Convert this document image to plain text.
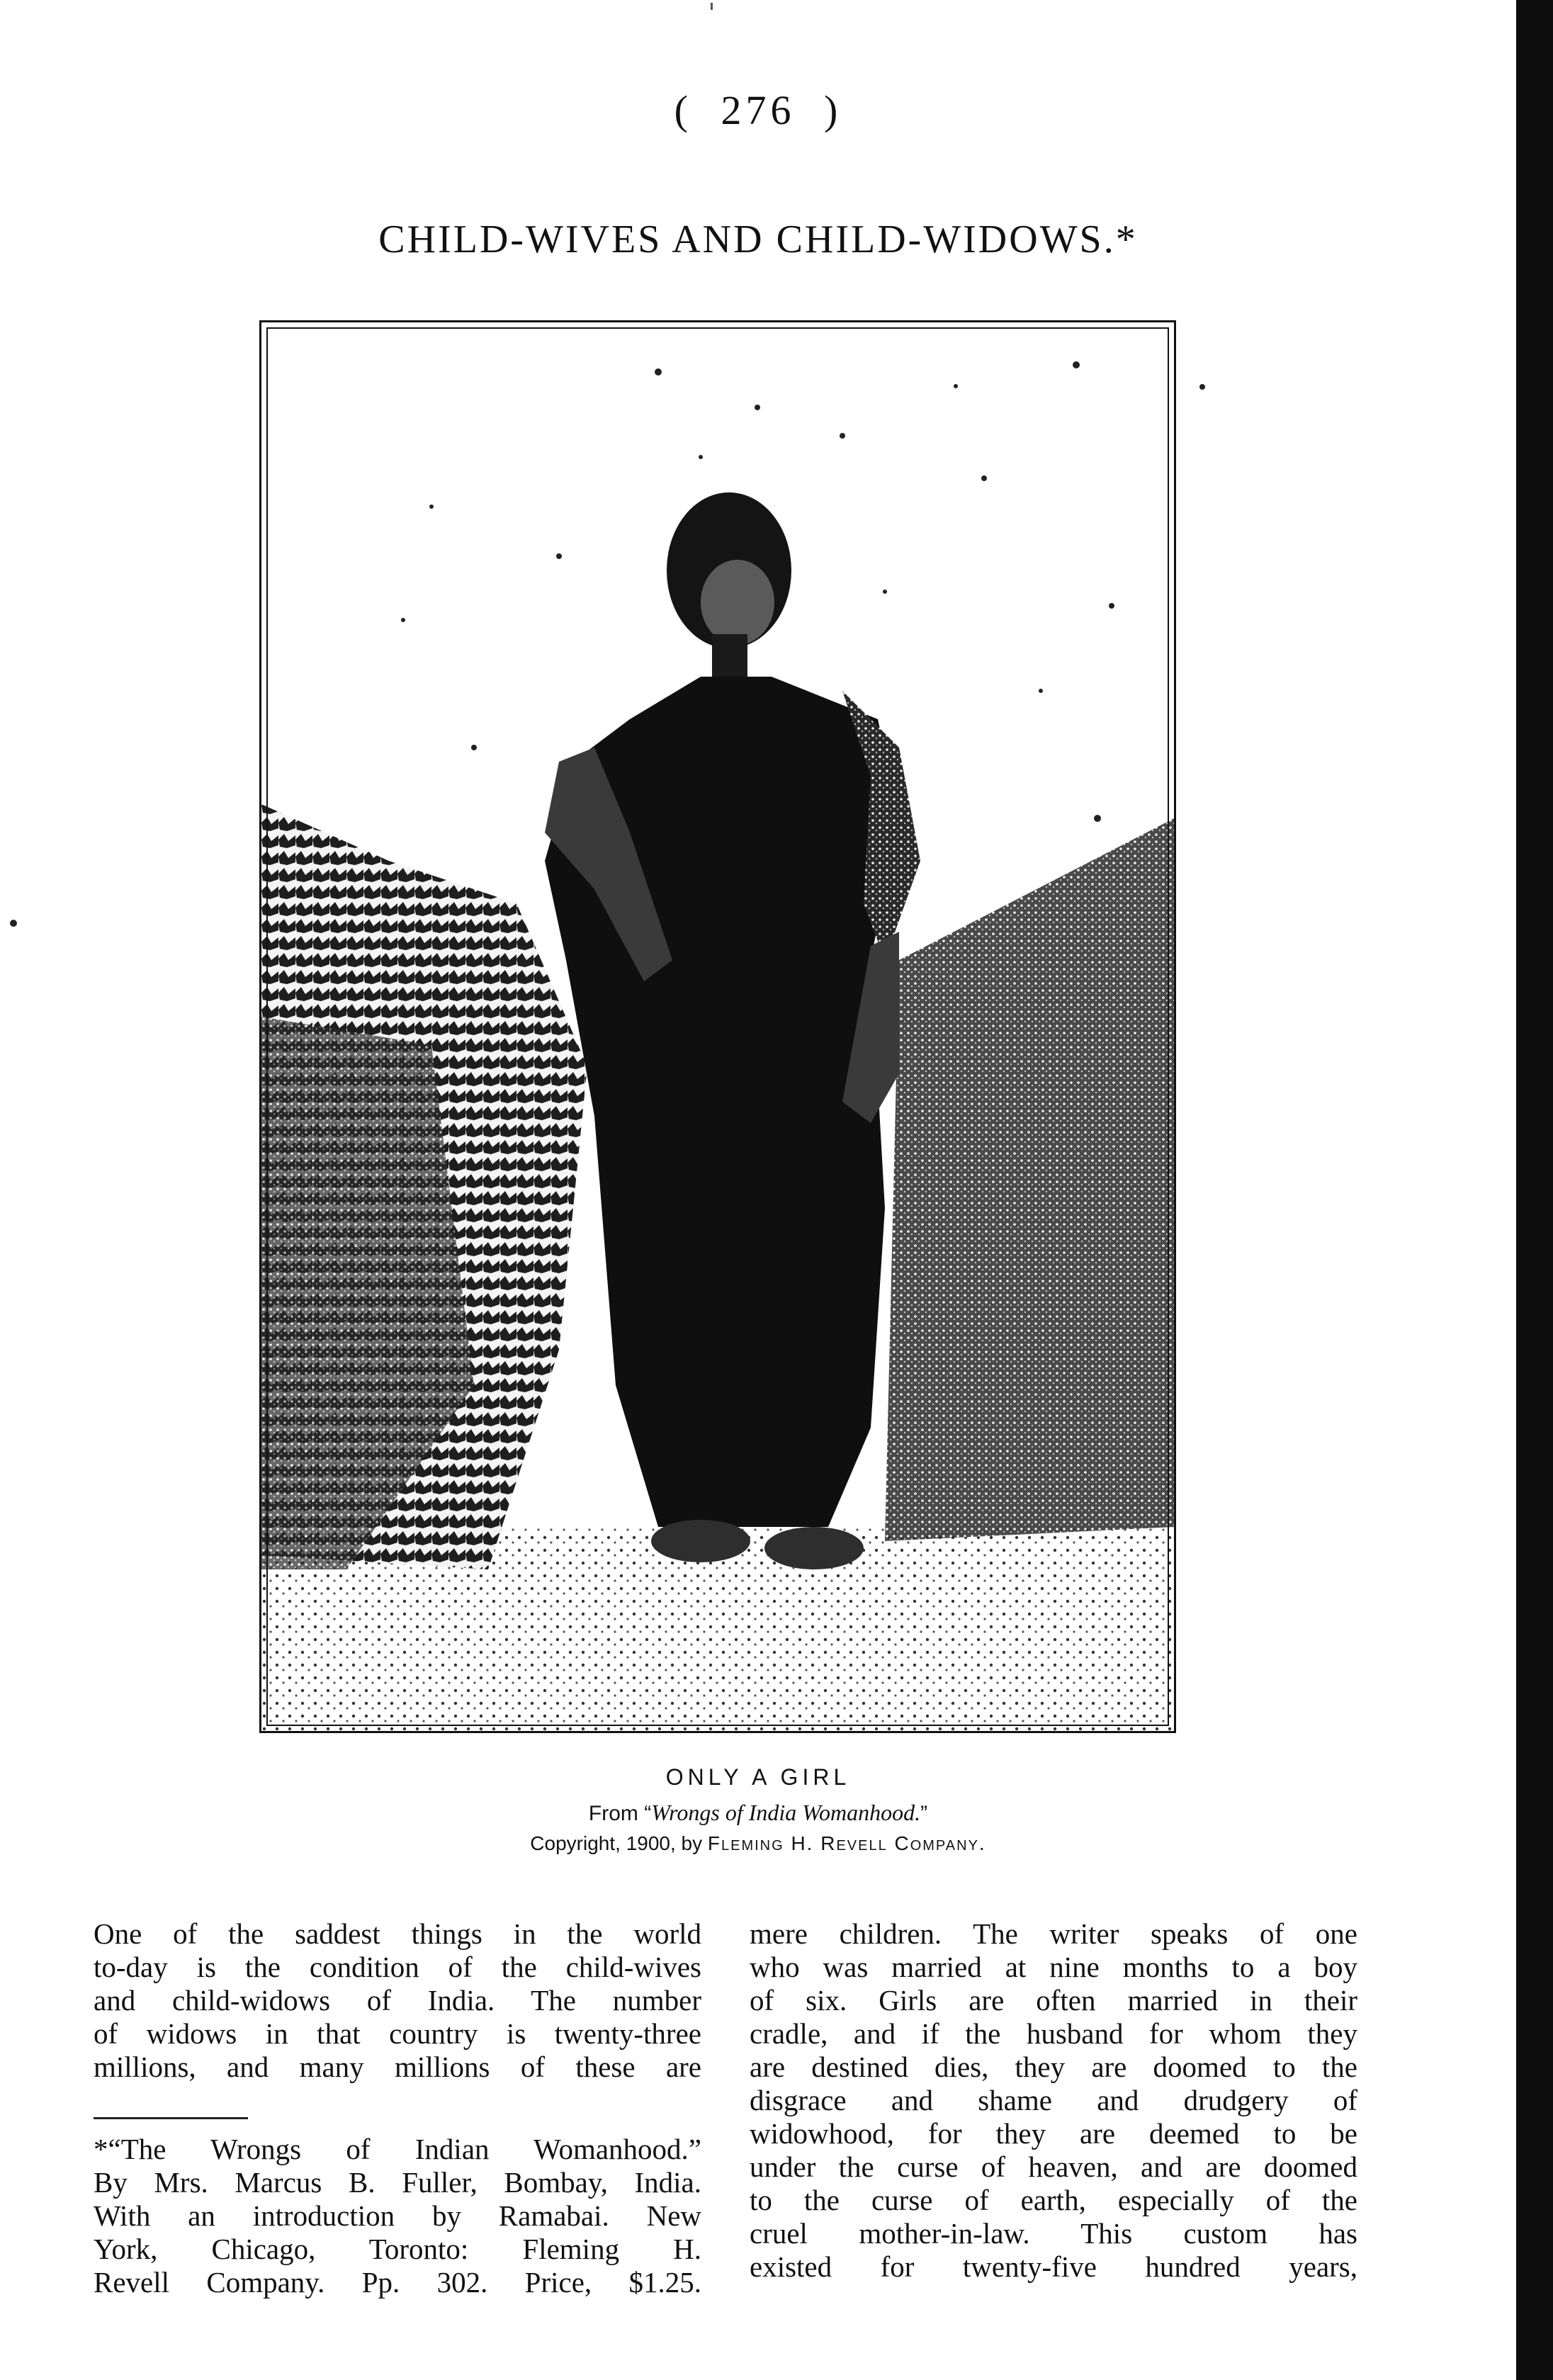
( 276 )
CHILD-WIVES AND CHILD-WIDOWS.*
ONLY A GIRL
From “Wrongs of India Womanhood.”
Copyright, 1900, by Fleming H. Revell Company.
One of the saddest things in the world
to-day is the condition of the child-wives
and child-widows of India. The number
of widows in that country is twenty-three
millions, and many millions of these are
*“The Wrongs of Indian Womanhood.”
By Mrs. Marcus B. Fuller, Bombay, India.
With an introduction by Ramabai. New
York, Chicago, Toronto: Fleming H.
Revell Company. Pp. 302. Price, $1.25.
mere children. The writer speaks of one
who was married at nine months to a boy
of six. Girls are often married in their
cradle, and if the husband for whom they
are destined dies, they are doomed to the
disgrace and shame and drudgery of
widowhood, for they are deemed to be
under the curse of heaven, and are doomed
to the curse of earth, especially of the
cruel mother-in-law. This custom has
existed for twenty-five hundred years,
